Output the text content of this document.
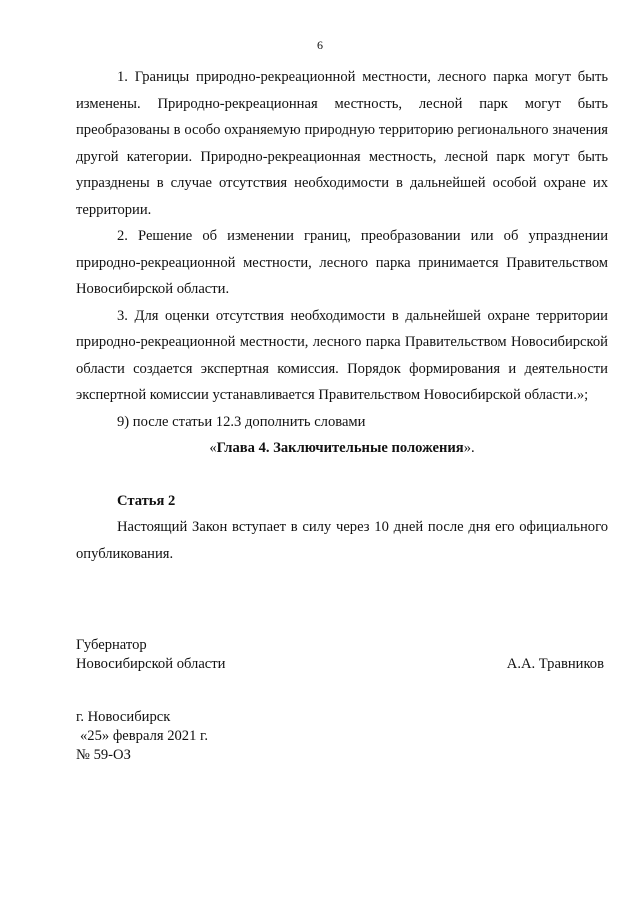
6

1. Границы природно-рекреационной местности, лесного парка могут быть изменены. Природно-рекреационная местность, лесной парк могут быть преобразованы в особо охраняемую природную территорию регионального значения другой категории. Природно-рекреационная местность, лесной парк могут быть упразднены в случае отсутствия необходимости в дальнейшей особой охране их территории.

2. Решение об изменении границ, преобразовании или об упразднении природно-рекреационной местности, лесного парка принимается Правительством Новосибирской области.

3. Для оценки отсутствия необходимости в дальнейшей охране территории природно-рекреационной местности, лесного парка Правительством Новосибирской области создается экспертная комиссия. Порядок формирования и деятельности экспертной комиссии устанавливается Правительством Новосибирской области.»;

9) после статьи 12.3 дополнить словами

«Глава 4. Заключительные положения».

Статья 2

Настоящий Закон вступает в силу через 10 дней после дня его официального опубликования.

Губернатор
Новосибирской области	А.А. Травников
г. Новосибирск
«25» февраля 2021 г.
№ 59-ОЗ
